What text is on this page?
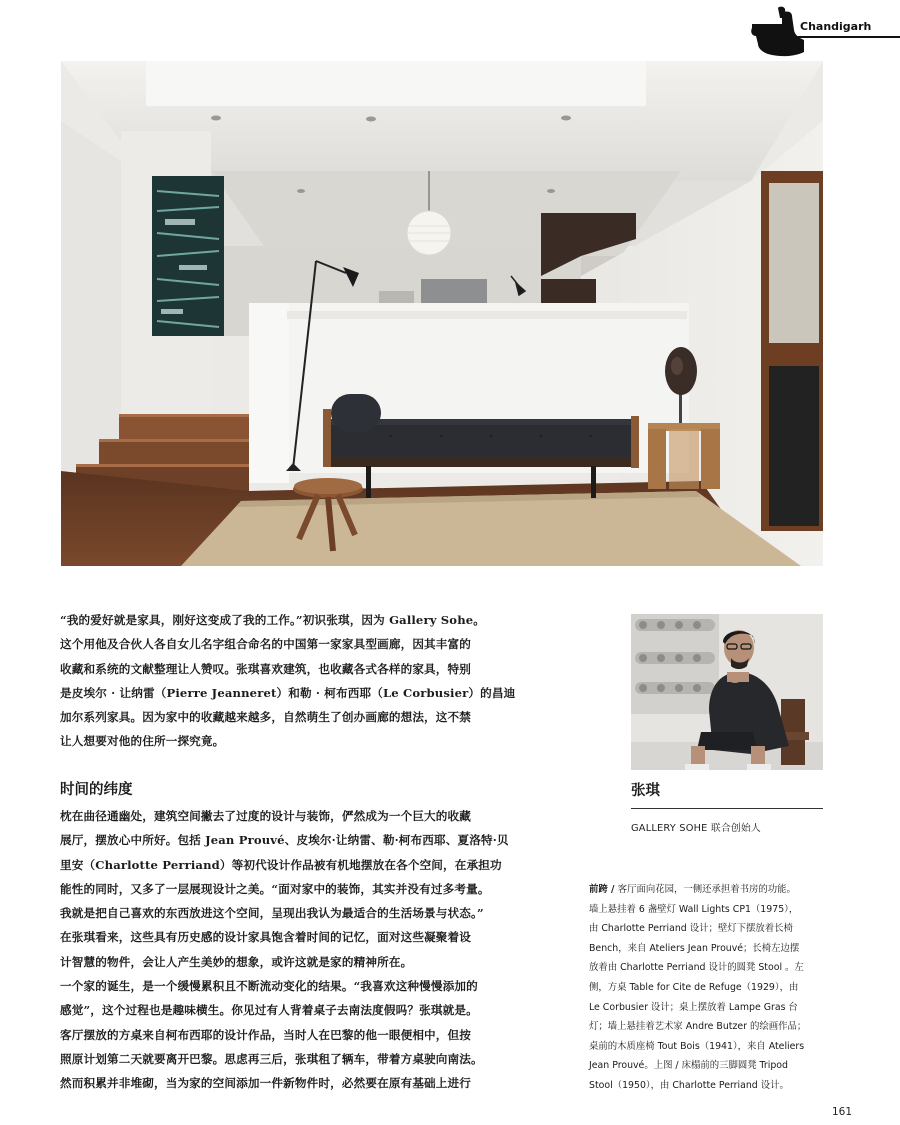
Chandigarh
“我的爱好就是家具，刚好这变成了我的工作。”初识张琪，因为 Gallery Sohe。
这个用他及合伙人各自女儿名字组合命名的中国第一家家具型画廊，因其丰富的
收藏和系统的文献整理让人赞叹。张琪喜欢建筑，也收藏各式各样的家具，特别
是皮埃尔 · 让纳雷（Pierre Jeanneret）和勒 · 柯布西耶（Le Corbusier）的昌迪
加尔系列家具。因为家中的收藏越来越多，自然萌生了创办画廊的想法，这不禁
让人想要对他的住所一探究竟。
时间的纬度
枕在曲径通幽处，建筑空间撇去了过度的设计与装饰，俨然成为一个巨大的收藏
展厅，摆放心中所好。包括 Jean Prouvé、皮埃尔·让纳雷、勒·柯布西耶、夏洛特·贝
里安（Charlotte Perriand）等初代设计作品被有机地摆放在各个空间，在承担功
能性的同时，又多了一层展现设计之美。“面对家中的装饰，其实并没有过多考量。
我就是把自己喜欢的东西放进这个空间，呈现出我认为最适合的生活场景与状态。”
在张琪看来，这些具有历史感的设计家具饱含着时间的记忆，面对这些凝聚着设
计智慧的物件，会让人产生美妙的想象，或许这就是家的精神所在。
一个家的诞生，是一个缓慢累积且不断流动变化的结果。“我喜欢这种慢慢添加的
感觉”，这个过程也是趣味横生。你见过有人背着桌子去南法度假吗？张琪就是。
客厅摆放的方桌来自柯布西耶的设计作品，当时人在巴黎的他一眼便相中，但按
照原计划第二天就要离开巴黎。思虑再三后，张琪租了辆车，带着方桌驶向南法。
然而积累并非堆砌，当为家的空间添加一件新物件时，必然要在原有基础上进行
张琪
GALLERY SOHE 联合创始人
前跨 / 客厅面向花园，一侧还承担着书房的功能。
墙上悬挂着 6 盏壁灯 Wall Lights CP1（1975），
由 Charlotte Perriand 设计；壁灯下摆放着长椅
Bench，来自 Ateliers Jean Prouvé；长椅左边摆
放着由 Charlotte Perriand 设计的圆凳 Stool 。左
侧，方桌 Table for Cite de Refuge（1929），由
Le Corbusier 设计；桌上摆放着 Lampe Gras 台
灯；墙上悬挂着艺术家 Andre Butzer 的绘画作品；
桌前的木质座椅 Tout Bois（1941），来自 Ateliers
Jean Prouvé。上图 / 床榻前的三脚圆凳 Tripod
Stool（1950），由 Charlotte Perriand 设计。
161
